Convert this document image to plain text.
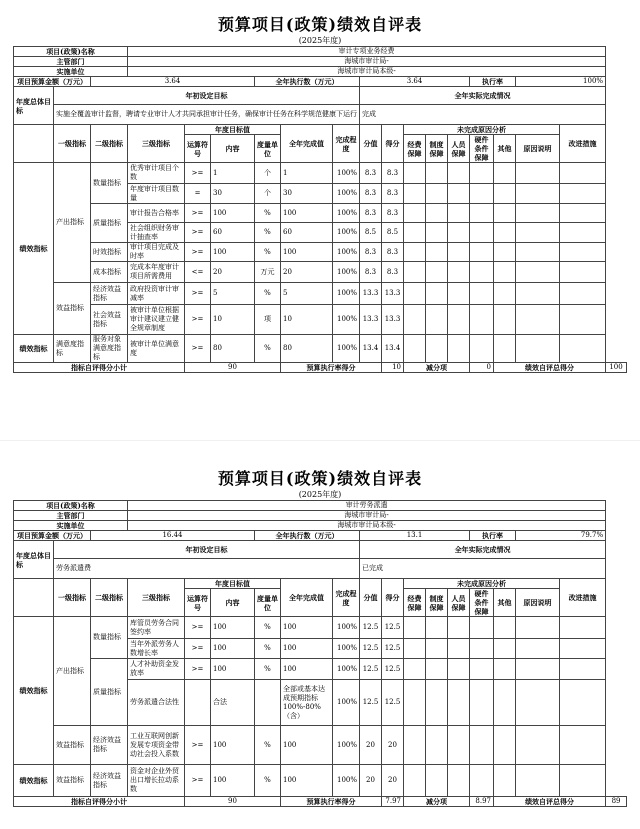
预算项目(政策)绩效自评表
(2025年度)
项目(政策)名称			审计专项业务经费															
主管部门			海城市审计局-															
实施单位			海城市审计局本级-															
项目预算金额（万元）		3.64				全年执行数（万元）			3.64					执行率		100%		
年度总体目标	年初设定目标								全年实际完成情况									
	实施全覆盖审计监督，聘请专业审计人才共同承担审计任务，确保审计任务在科学规范健康下运行								完成									
	一级指标	二级指标	三级指标	年度目标值			全年完成值	完成程度	分值	得分	未完成原因分析						改进措施	
				运算符号	内容	度量单位					经费保障	制度保障	人员保障	硬件条件保障	其他	原因说明		

绩效指标	产出指标	数量指标	优秀审计项目个数	>=	1	个	1	100%	8.3	8.3								
			年度审计项目数量	=	30	个	30	100%	8.3	8.3								
		质量指标	审计报告合格率	>=	100	%	100	100%	8.3	8.3								
			社会组织财务审计抽查率	>=	60	%	60	100%	8.5	8.5								
		时效指标	审计项目完成及时率	>=	100	%	100	100%	8.3	8.3								
		成本指标	完成本年度审计项目所需费用	<=	20	万元	20	100%	8.3	8.3								
	效益指标	经济效益指标	政府投资审计审减率	>=	5	%	5	100%	13.3	13.3								
		社会效益指标	被审计单位根据审计建议建立健全规章制度	>=	10	项	10	100%	13.3	13.3								
绩效指标	满意度指标	服务对象满意度指标	被审计单位满意度	>=	80	%	80	100%	13.4	13.4								
指标自评得分小计				90			预算执行率得分			10	减分项			0	绩效自评总得分			100
预算项目(政策)绩效自评表
(2025年度)
项目(政策)名称			审计劳务派遣															
主管部门			海城市审计局-															
实施单位			海城市审计局本级-															
项目预算金额（万元）		16.44				全年执行数（万元）			13.1					执行率		79.7%		
年度总体目标	年初设定目标								全年实际完成情况									
	劳务派遣费								已完成									
	一级指标	二级指标	三级指标	年度目标值			全年完成值	完成程度	分值	得分	未完成原因分析						改进措施	
				运算符号	内容	度量单位					经费保障	制度保障	人员保障	硬件条件保障	其他	原因说明		

绩效指标	产出指标	数量指标	库管员劳务合同签约率	>=	100	%	100	100%	12.5	12.5								
			当年外派劳务人数增长率	>=	100	%	100	100%	12.5	12.5								
		质量指标	人才补助资金发放率	>=	100	%	100	100%	12.5	12.5								
			劳务派遣合法性		合法		全部或基本达成预期指标100%-80%（含）	100%	12.5	12.5								
	效益指标	经济效益指标	工业互联网创新发展专项资金带动社会投入系数	>=	100	%	100	100%	20	20								
绩效指标	效益指标	经济效益指标	资金对企业外贸出口增长拉动系数	>=	100	%	100	100%	20	20								
指标自评得分小计				90			预算执行率得分			7.97	减分项			8.97	绩效自评总得分			89
